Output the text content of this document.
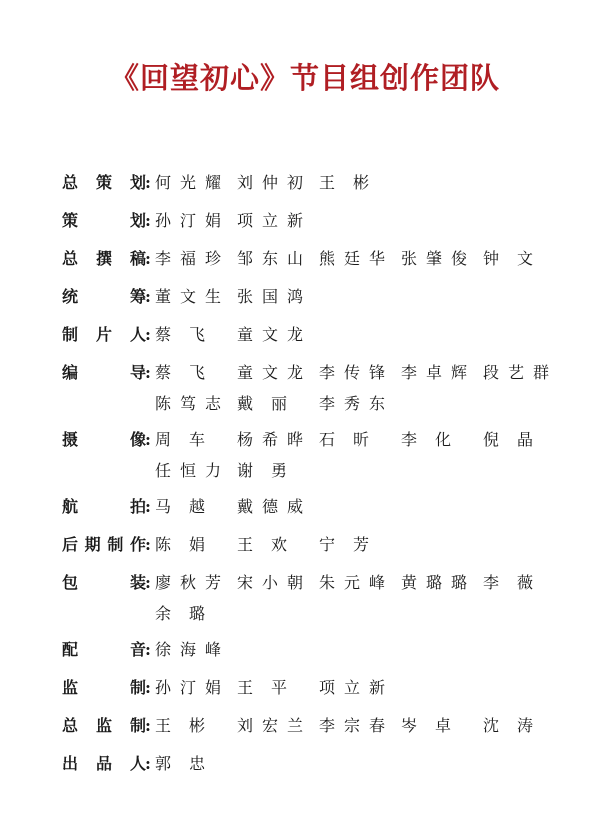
《回望初心》节目组创作团队
总 策 划 : 何 光 耀 刘 仲 初 王 彬
策	划 : 孙 汀 娟 项 立 新
总 撰 稿 : 李 福 珍 邹 东 山 熊 廷 华 张 肇 俊 钟 文
统	筹 : 董 文 生 张 国 鸿
制 片 人 : 蔡 飞 童 文 龙
编	导 : 蔡 飞 童 文 龙 李 传 锋 李 卓 辉 段 艺 群
陈 笃 志 戴 丽 李 秀 东
摄	像 : 周 车 杨 希 晔 石 昕 李 化 倪 晶
任 恒 力 谢 勇
航	拍 : 马 越 戴 德 威
后 期 制 作 : 陈 娟 王 欢 宁 芳
包	装 : 廖 秋 芳 宋 小 朝 朱 元 峰 黄 璐 璐 李 薇
余 璐
配	音 : 徐 海 峰
监	制 : 孙 汀 娟 王 平 项 立 新
总 监 制 : 王 彬 刘 宏 兰 李 宗 春 岑 卓 沈 涛
出 品 人 : 郭 忠
